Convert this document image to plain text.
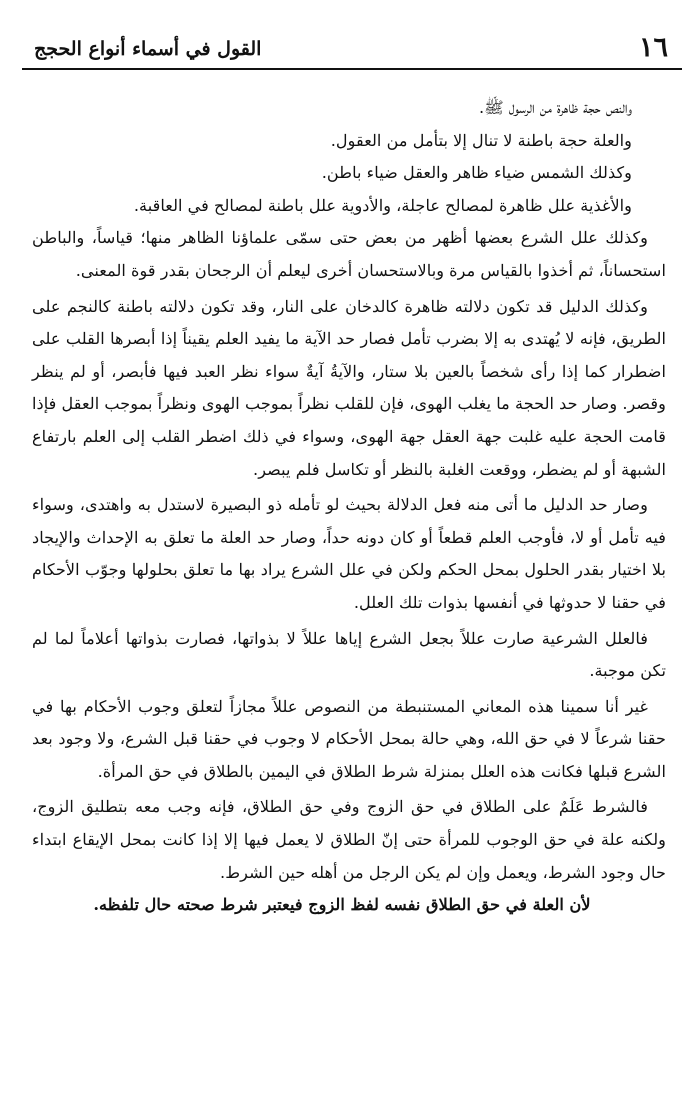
١٦
القول في أسماء أنواع الحجج

والنص حجة ظاهرة من الرسول ﷺ.

والعلة حجة باطنة لا تنال إلا بتأمل من العقول.

وكذلك الشمس ضياء ظاهر والعقل ضياء باطن.

والأغذية علل ظاهرة لمصالح عاجلة، والأدوية علل باطنة لمصالح في العاقبة.

وكذلك علل الشرع بعضها أظهر من بعض حتى سمّى علماؤنا الظاهر منها؛ قياساً، والباطن استحساناً، ثم أخذوا بالقياس مرة وبالاستحسان أخرى ليعلم أن الرجحان بقدر قوة المعنى.

وكذلك الدليل قد تكون دلالته ظاهرة كالدخان على النار، وقد تكون دلالته باطنة كالنجم على الطريق، فإنه لا يُهتدى به إلا بضرب تأمل فصار حد الآية ما يفيد العلم يقيناً إذا أبصرها القلب على اضطرار كما إذا رأى شخصاً بالعين بلا ستار، والآيةُ آيةٌ سواء نظر العبد فيها فأبصر، أو لم ينظر وقصر. وصار حد الحجة ما يغلب الهوى، فإن للقلب نظراً بموجب الهوى ونظراً بموجب العقل فإذا قامت الحجة عليه غلبت جهة العقل جهة الهوى، وسواء في ذلك اضطر القلب إلى العلم بارتفاع الشبهة أو لم يضطر، ووقعت الغلبة بالنظر أو تكاسل فلم يبصر.

وصار حد الدليل ما أتى منه فعل الدلالة بحيث لو تأمله ذو البصيرة لاستدل به واهتدى، وسواء فيه تأمل أو لا، فأوجب العلم قطعاً أو كان دونه حداً، وصار حد العلة ما تعلق به الإحداث والإيجاد بلا اختيار بقدر الحلول بمحل الحكم ولكن في علل الشرع يراد بها ما تعلق بحلولها وجوّب الأحكام في حقنا لا حدوثها في أنفسها بذوات تلك العلل.

فالعلل الشرعية صارت عللاً بجعل الشرع إياها عللاً لا بذواتها، فصارت بذواتها أعلاماً لما لم تكن موجبة.

غير أنا سمينا هذه المعاني المستنبطة من النصوص عللاً مجازاً لتعلق وجوب الأحكام بها في حقنا شرعاً لا في حق الله، وهي حالة بمحل الأحكام لا وجوب في حقنا قبل الشرع، ولا وجود بعد الشرع قبلها فكانت هذه العلل بمنزلة شرط الطلاق في اليمين بالطلاق في حق المرأة.

فالشرط عَلَمٌ على الطلاق في حق الزوج وفي حق الطلاق، فإنه وجب معه بتطليق الزوج، ولكنه علة في حق الوجوب للمرأة حتى إنّ الطلاق لا يعمل فيها إلا إذا كانت بمحل الإيقاع ابتداء حال وجود الشرط، ويعمل وإن لم يكن الرجل من أهله حين الشرط.

لأن العلة في حق الطلاق نفسه لفظ الزوج فيعتبر شرط صحته حال تلفظه.
